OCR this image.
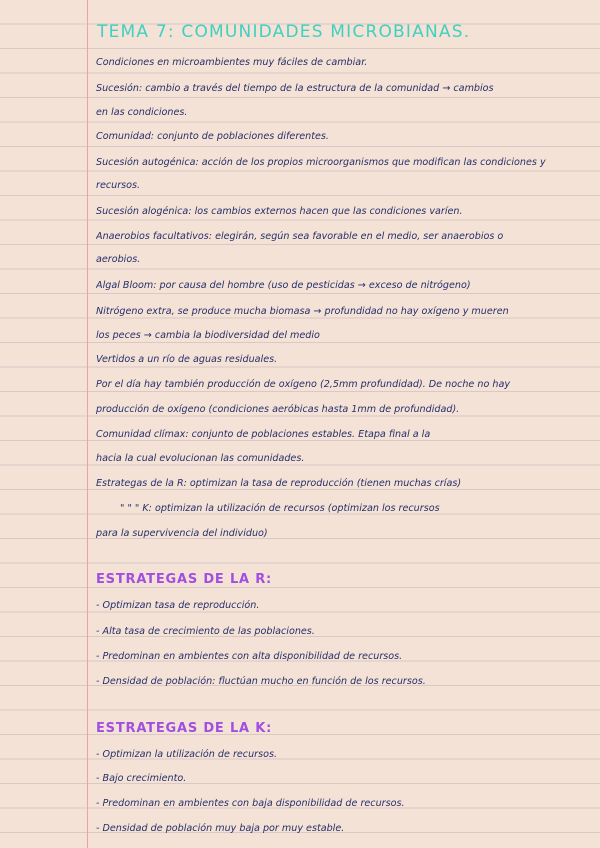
TEMA 7: COMUNIDADES MICROBIANAS.
Condiciones en microambientes muy fáciles de cambiar.
Sucesión: cambio a través del tiempo de la estructura de la comunidad → cambios
en las condiciones.
Comunidad: conjunto de poblaciones diferentes.
Sucesión autogénica: acción de los propios microorganismos que modifican las condiciones y
recursos.
Sucesión alogénica: los cambios externos hacen que las condiciones varíen.
Anaerobios facultativos: elegirán, según sea favorable en el medio, ser anaerobios o
aerobios.
Algal Bloom: por causa del hombre (uso de pesticidas → exceso de nitrógeno)
Nitrógeno extra, se produce mucha biomasa → profundidad no hay oxígeno y mueren
los peces → cambia la biodiversidad del medio
Vertidos a un río de aguas residuales.
Por el día hay también producción de oxígeno (2,5mm profundidad). De noche no hay
producción de oxígeno (condiciones aeróbicas hasta 1mm de profundidad).
Comunidad clímax: conjunto de poblaciones estables. Etapa final a la
hacia la cual evolucionan las comunidades.
Estrategas de la R: optimizan la tasa de reproducción (tienen muchas crías)
" " " K: optimizan la utilización de recursos (optimizan los recursos
para la supervivencia del individuo)
ESTRATEGAS DE LA R:
- Optimizan tasa de reproducción.
- Alta tasa de crecimiento de las poblaciones.
- Predominan en ambientes con alta disponibilidad de recursos.
- Densidad de población: fluctúan mucho en función de los recursos.
ESTRATEGAS DE LA K:
- Optimizan la utilización de recursos.
- Bajo crecimiento.
- Predominan en ambientes con baja disponibilidad de recursos.
- Densidad de población muy baja por muy estable.
